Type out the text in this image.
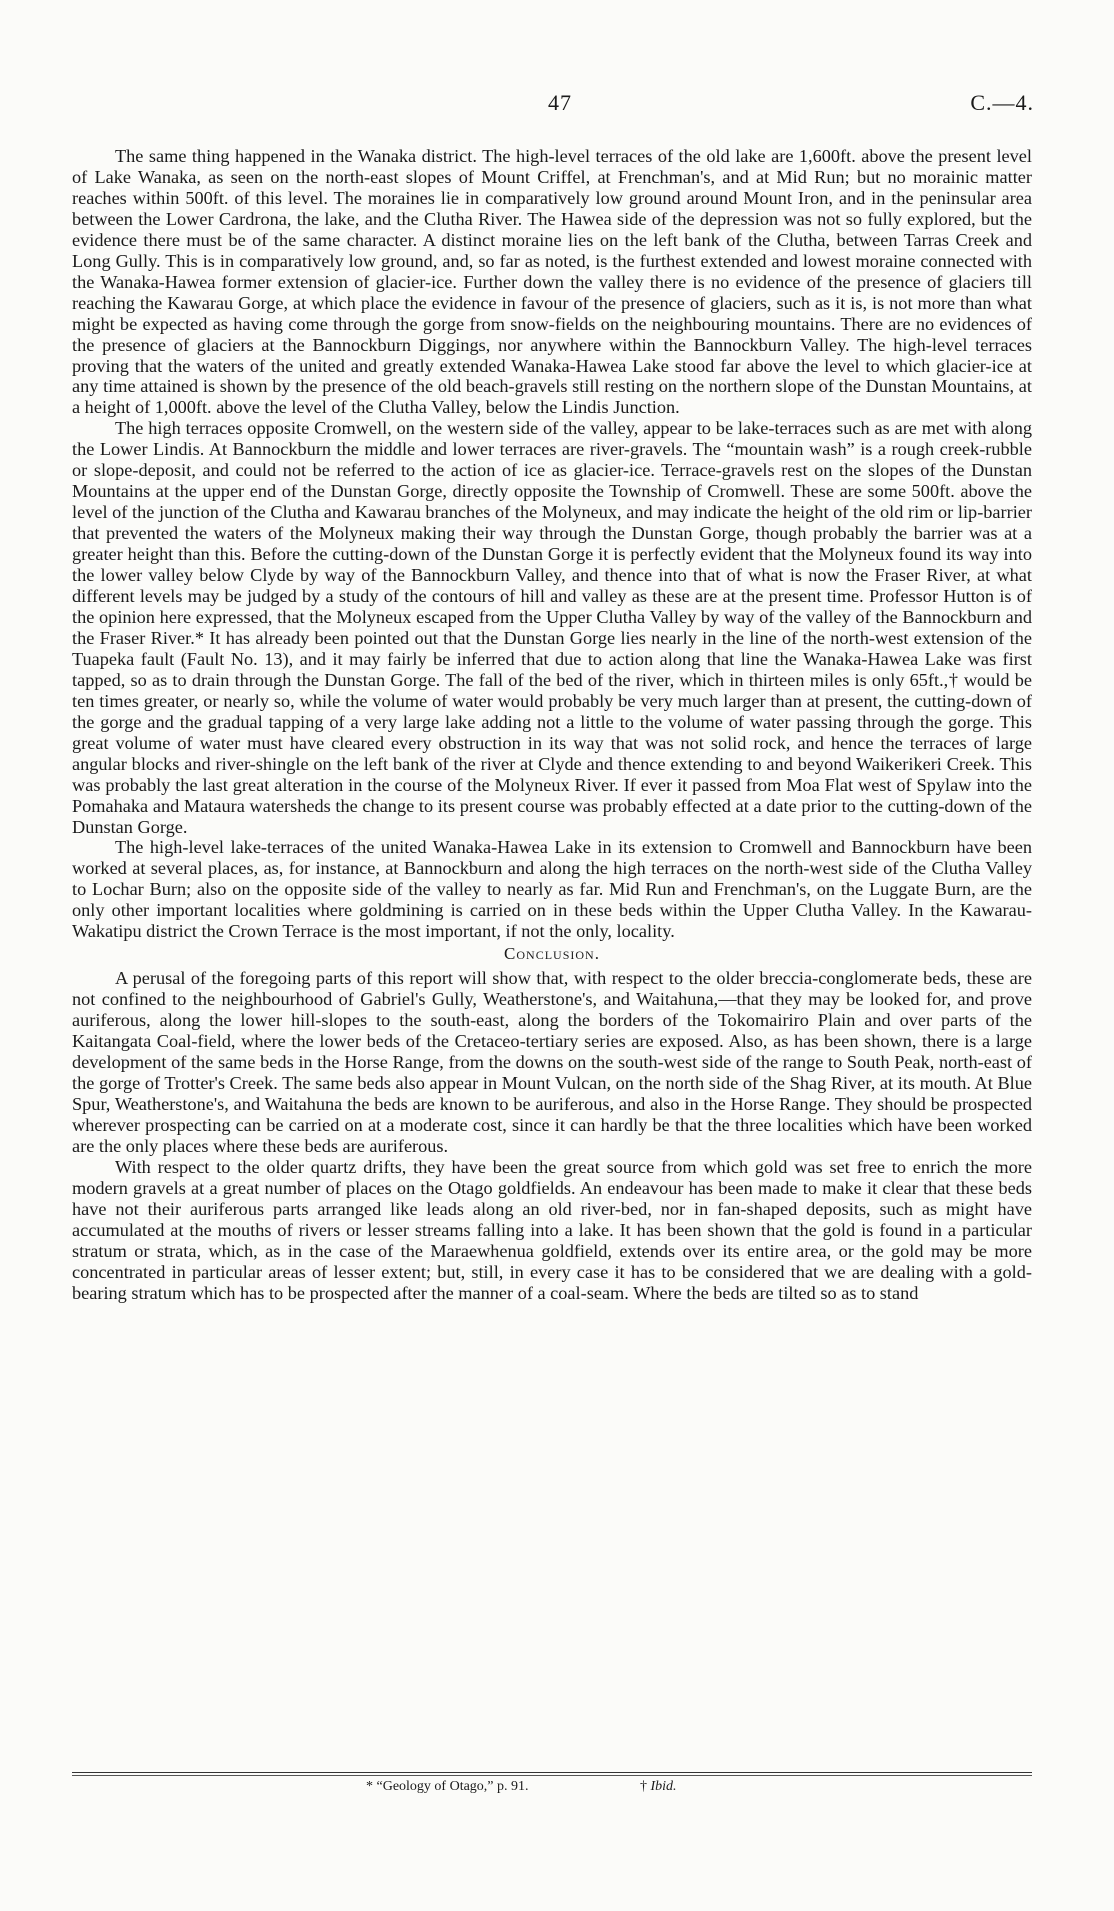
47	C.—4.

The same thing happened in the Wanaka district. The high-level terraces of the old lake are 1,600ft. above the present level of Lake Wanaka, as seen on the north-east slopes of Mount Criffel, at Frenchman's, and at Mid Run; but no morainic matter reaches within 500ft. of this level. The moraines lie in comparatively low ground around Mount Iron, and in the peninsular area between the Lower Cardrona, the lake, and the Clutha River. The Hawea side of the depression was not so fully explored, but the evidence there must be of the same character. A distinct moraine lies on the left bank of the Clutha, between Tarras Creek and Long Gully. This is in comparatively low ground, and, so far as noted, is the furthest extended and lowest moraine connected with the Wanaka-Hawea former extension of glacier-ice. Further down the valley there is no evidence of the presence of glaciers till reaching the Kawarau Gorge, at which place the evidence in favour of the presence of glaciers, such as it is, is not more than what might be expected as having come through the gorge from snow-fields on the neighbouring mountains. There are no evidences of the presence of glaciers at the Bannockburn Diggings, nor anywhere within the Bannockburn Valley. The high-level terraces proving that the waters of the united and greatly extended Wanaka-Hawea Lake stood far above the level to which glacier-ice at any time attained is shown by the presence of the old beach-gravels still resting on the northern slope of the Dunstan Mountains, at a height of 1,000ft. above the level of the Clutha Valley, below the Lindis Junction.

The high terraces opposite Cromwell, on the western side of the valley, appear to be lake-terraces such as are met with along the Lower Lindis. At Bannockburn the middle and lower terraces are river-gravels. The “mountain wash” is a rough creek-rubble or slope-deposit, and could not be referred to the action of ice as glacier-ice. Terrace-gravels rest on the slopes of the Dunstan Mountains at the upper end of the Dunstan Gorge, directly opposite the Township of Cromwell. These are some 500ft. above the level of the junction of the Clutha and Kawarau branches of the Molyneux, and may indicate the height of the old rim or lip-barrier that prevented the waters of the Molyneux making their way through the Dunstan Gorge, though probably the barrier was at a greater height than this. Before the cutting-down of the Dunstan Gorge it is perfectly evident that the Molyneux found its way into the lower valley below Clyde by way of the Bannockburn Valley, and thence into that of what is now the Fraser River, at what different levels may be judged by a study of the contours of hill and valley as these are at the present time. Professor Hutton is of the opinion here expressed, that the Molyneux escaped from the Upper Clutha Valley by way of the valley of the Bannockburn and the Fraser River.* It has already been pointed out that the Dunstan Gorge lies nearly in the line of the north-west extension of the Tuapeka fault (Fault No. 13), and it may fairly be inferred that due to action along that line the Wanaka-Hawea Lake was first tapped, so as to drain through the Dunstan Gorge. The fall of the bed of the river, which in thirteen miles is only 65ft.,† would be ten times greater, or nearly so, while the volume of water would probably be very much larger than at present, the cutting-down of the gorge and the gradual tapping of a very large lake adding not a little to the volume of water passing through the gorge. This great volume of water must have cleared every obstruction in its way that was not solid rock, and hence the terraces of large angular blocks and river-shingle on the left bank of the river at Clyde and thence extending to and beyond Waikerikeri Creek. This was probably the last great alteration in the course of the Molyneux River. If ever it passed from Moa Flat west of Spylaw into the Pomahaka and Mataura watersheds the change to its present course was probably effected at a date prior to the cutting-down of the Dunstan Gorge.

The high-level lake-terraces of the united Wanaka-Hawea Lake in its extension to Cromwell and Bannockburn have been worked at several places, as, for instance, at Bannockburn and along the high terraces on the north-west side of the Clutha Valley to Lochar Burn; also on the opposite side of the valley to nearly as far. Mid Run and Frenchman's, on the Luggate Burn, are the only other important localities where goldmining is carried on in these beds within the Upper Clutha Valley. In the Kawarau-Wakatipu district the Crown Terrace is the most important, if not the only, locality.

Conclusion.

A perusal of the foregoing parts of this report will show that, with respect to the older breccia-conglomerate beds, these are not confined to the neighbourhood of Gabriel's Gully, Weatherstone's, and Waitahuna,—that they may be looked for, and prove auriferous, along the lower hill-slopes to the south-east, along the borders of the Tokomairiro Plain and over parts of the Kaitangata Coal-field, where the lower beds of the Cretaceo-tertiary series are exposed. Also, as has been shown, there is a large development of the same beds in the Horse Range, from the downs on the south-west side of the range to South Peak, north-east of the gorge of Trotter's Creek. The same beds also appear in Mount Vulcan, on the north side of the Shag River, at its mouth. At Blue Spur, Weatherstone's, and Waitahuna the beds are known to be auriferous, and also in the Horse Range. They should be prospected wherever prospecting can be carried on at a moderate cost, since it can hardly be that the three localities which have been worked are the only places where these beds are auriferous.

With respect to the older quartz drifts, they have been the great source from which gold was set free to enrich the more modern gravels at a great number of places on the Otago goldfields. An endeavour has been made to make it clear that these beds have not their auriferous parts arranged like leads along an old river-bed, nor in fan-shaped deposits, such as might have accumulated at the mouths of rivers or lesser streams falling into a lake. It has been shown that the gold is found in a particular stratum or strata, which, as in the case of the Maraewhenua goldfield, extends over its entire area, or the gold may be more concentrated in particular areas of lesser extent; but, still, in every case it has to be considered that we are dealing with a gold-bearing stratum which has to be prospected after the manner of a coal-seam. Where the beds are tilted so as to stand

* “Geology of Otago,” p. 91.	† Ibid.
